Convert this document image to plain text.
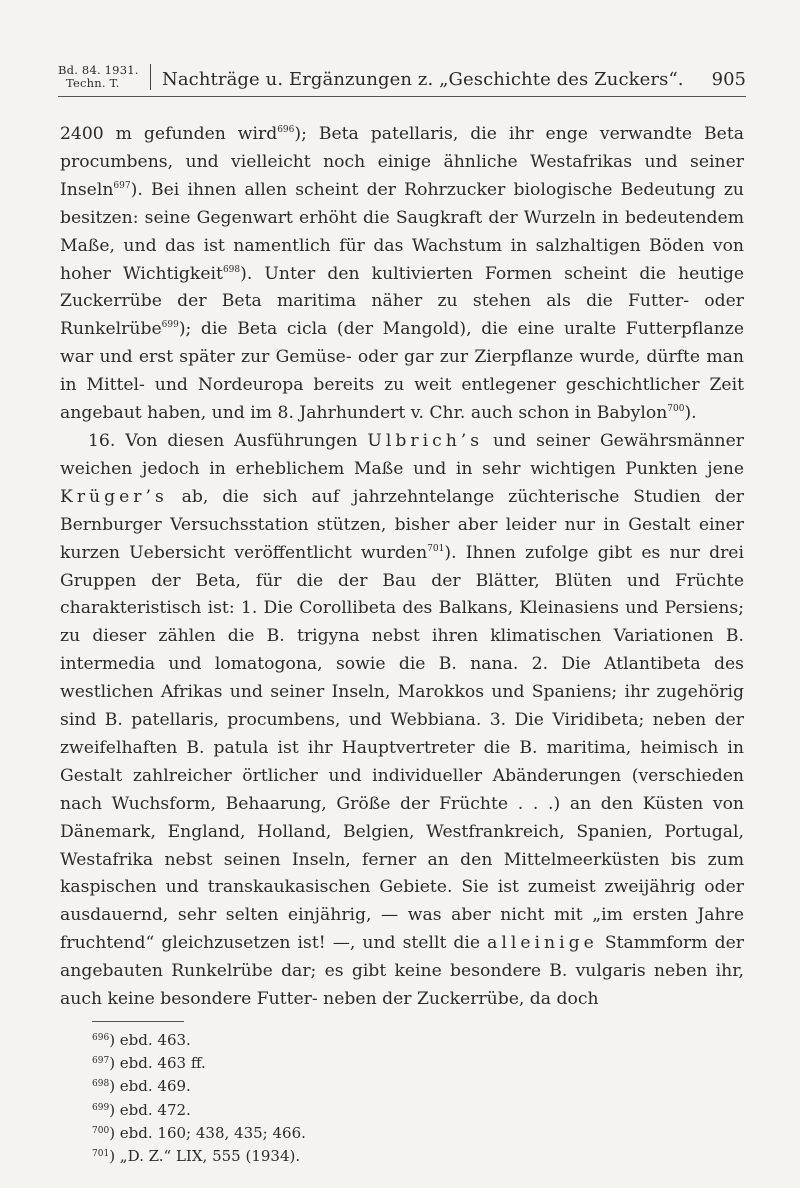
Bd. 84. 1931.
Techn. T.	Nachträge u. Ergänzungen z. „Geschichte des Zuckers“. 905

2400 m gefunden wird$^{696}$); Beta patellaris, die ihr enge verwandte Beta procumbens, und vielleicht noch einige ähnliche Westafrikas und seiner Inseln$^{697}$). Bei ihnen allen scheint der Rohrzucker biologische Bedeutung zu besitzen: seine Gegenwart erhöht die Saugkraft der Wurzeln in bedeutendem Maße, und das ist namentlich für das Wachstum in salzhaltigen Böden von hoher Wichtigkeit$^{698}$). Unter den kultivierten Formen scheint die heutige Zuckerrübe der Beta maritima näher zu stehen als die Futter- oder Runkelrübe$^{699}$); die Beta cicla (der Mangold), die eine uralte Futterpflanze war und erst später zur Gemüse- oder gar zur Zierpflanze wurde, dürfte man in Mittel- und Nordeuropa bereits zu weit entlegener geschichtlicher Zeit angebaut haben, und im 8. Jahrhundert v. Chr. auch schon in Babylon$^{700}$).

16. Von diesen Ausführungen Ulbrich’s und seiner Gewährsmänner weichen jedoch in erheblichem Maße und in sehr wichtigen Punkten jene Krüger’s ab, die sich auf jahrzehntelange züchterische Studien der Bernburger Versuchsstation stützen, bisher aber leider nur in Gestalt einer kurzen Uebersicht veröffentlicht wurden$^{701}$). Ihnen zufolge gibt es nur drei Gruppen der Beta, für die der Bau der Blätter, Blüten und Früchte charakteristisch ist: 1. Die Corollibeta des Balkans, Kleinasiens und Persiens; zu dieser zählen die B. trigyna nebst ihren klimatischen Variationen B. intermedia und lomatogona, sowie die B. nana. 2. Die Atlantibeta des westlichen Afrikas und seiner Inseln, Marokkos und Spaniens; ihr zugehörig sind B. patellaris, procumbens, und Webbiana. 3. Die Viridibeta; neben der zweifelhaften B. patula ist ihr Hauptvertreter die B. maritima, heimisch in Gestalt zahlreicher örtlicher und individueller Abänderungen (verschieden nach Wuchsform, Behaarung, Größe der Früchte . . .) an den Küsten von Dänemark, England, Holland, Belgien, Westfrankreich, Spanien, Portugal, Westafrika nebst seinen Inseln, ferner an den Mittelmeerküsten bis zum kaspischen und transkaukasischen Gebiete. Sie ist zumeist zweijährig oder ausdauernd, sehr selten einjährig, — was aber nicht mit „im ersten Jahre fruchtend“ gleichzusetzen ist! —, und stellt die alleinige Stammform der angebauten Runkelrübe dar; es gibt keine besondere B. vulgaris neben ihr, auch keine besondere Futter- neben der Zuckerrübe, da doch

$^{696}$) ebd. 463.
$^{697}$) ebd. 463 ff.
$^{698}$) ebd. 469.
$^{699}$) ebd. 472.
$^{700}$) ebd. 160; 438, 435; 466.
$^{701}$) „D. Z.“ LIX, 555 (1934).
